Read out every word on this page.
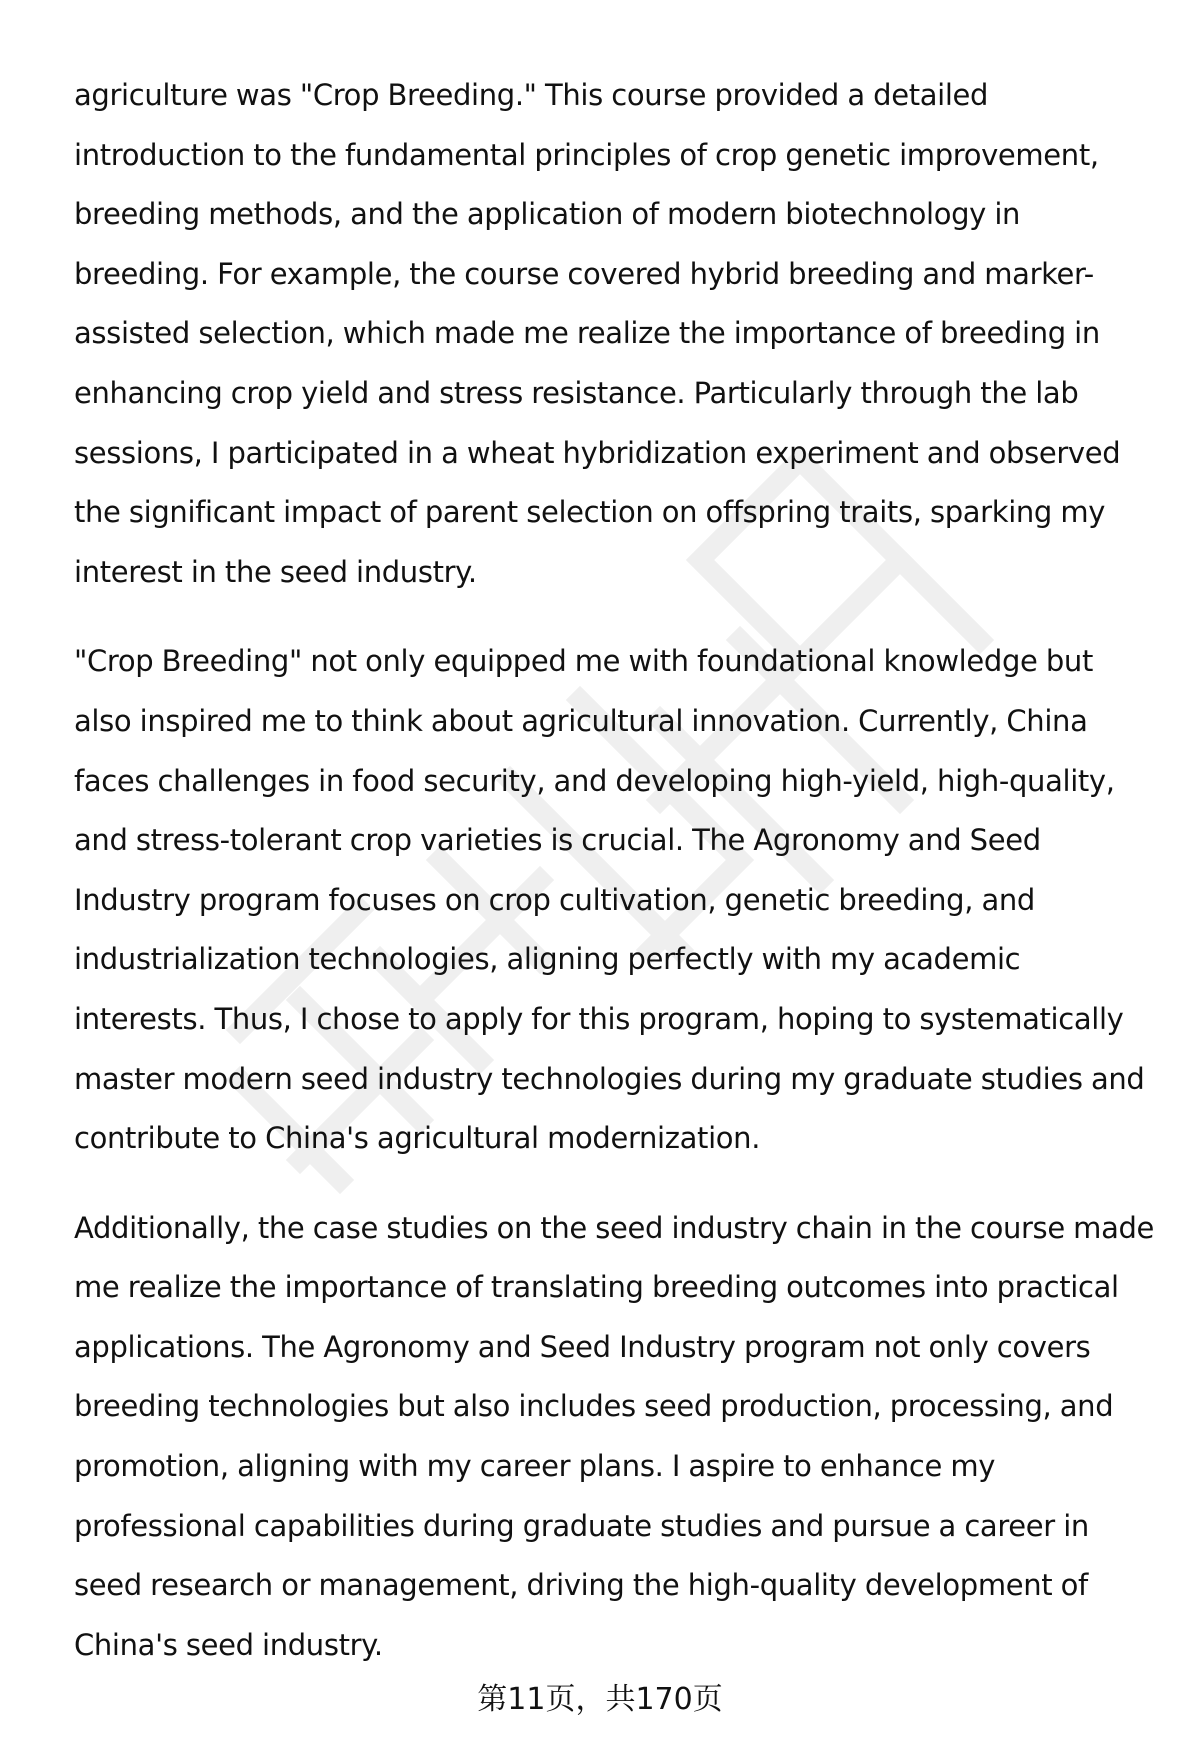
agriculture was "Crop Breeding." This course provided a detailed
introduction to the fundamental principles of crop genetic improvement,
breeding methods, and the application of modern biotechnology in
breeding. For example, the course covered hybrid breeding and marker-
assisted selection, which made me realize the importance of breeding in
enhancing crop yield and stress resistance. Particularly through the lab
sessions, I participated in a wheat hybridization experiment and observed
the significant impact of parent selection on offspring traits, sparking my
interest in the seed industry.

"Crop Breeding" not only equipped me with foundational knowledge but
also inspired me to think about agricultural innovation. Currently, China
faces challenges in food security, and developing high-yield, high-quality,
and stress-tolerant crop varieties is crucial. The Agronomy and Seed
Industry program focuses on crop cultivation, genetic breeding, and
industrialization technologies, aligning perfectly with my academic
interests. Thus, I chose to apply for this program, hoping to systematically
master modern seed industry technologies during my graduate studies and
contribute to China's agricultural modernization.

Additionally, the case studies on the seed industry chain in the course made
me realize the importance of translating breeding outcomes into practical
applications. The Agronomy and Seed Industry program not only covers
breeding technologies but also includes seed production, processing, and
promotion, aligning with my career plans. I aspire to enhance my
professional capabilities during graduate studies and pursue a career in
seed research or management, driving the high-quality development of
China's seed industry.

第11页，共170页
